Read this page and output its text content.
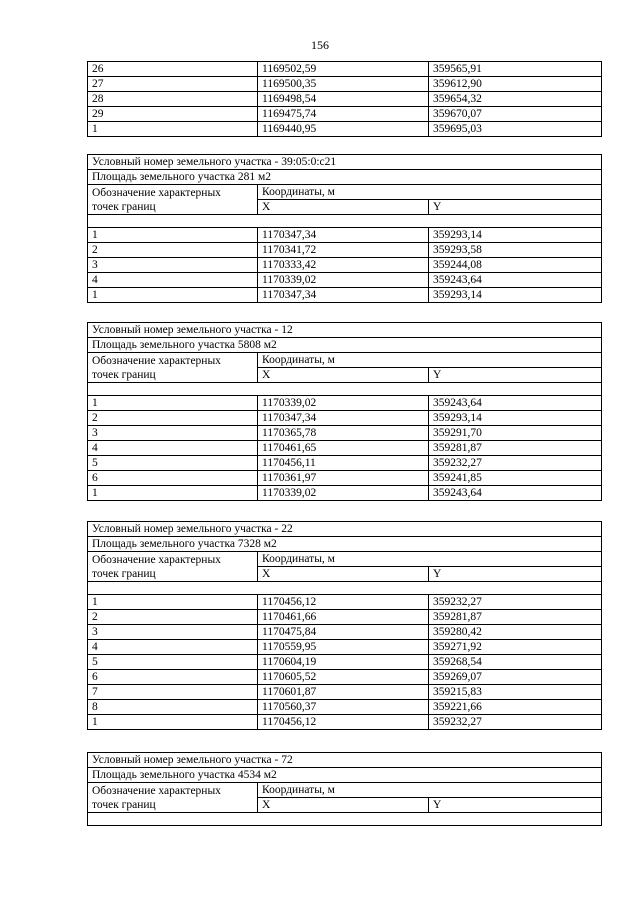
156
26	1169502,59	359565,91
27	1169500,35	359612,90
28	1169498,54	359654,32
29	1169475,74	359670,07
1	1169440,95	359695,03
Условный номер земельного участка - 39:05:0:c21		
Площадь земельного участка 281 м2		
Обозначение характерных	Координаты, м	
точек границ	X	Y

1	1170347,34	359293,14
2	1170341,72	359293,58
3	1170333,42	359244,08
4	1170339,02	359243,64
1	1170347,34	359293,14
Условный номер земельного участка - 12		
Площадь земельного участка 5808 м2		
Обозначение характерных	Координаты, м	
точек границ	X	Y

1	1170339,02	359243,64
2	1170347,34	359293,14
3	1170365,78	359291,70
4	1170461,65	359281,87
5	1170456,11	359232,27
6	1170361,97	359241,85
1	1170339,02	359243,64
Условный номер земельного участка - 22		
Площадь земельного участка 7328 м2		
Обозначение характерных	Координаты, м	
точек границ	X	Y

1	1170456,12	359232,27
2	1170461,66	359281,87
3	1170475,84	359280,42
4	1170559,95	359271,92
5	1170604,19	359268,54
6	1170605,52	359269,07
7	1170601,87	359215,83
8	1170560,37	359221,66
1	1170456,12	359232,27
Условный номер земельного участка - 72		
Площадь земельного участка 4534 м2		
Обозначение характерных	Координаты, м	
точек границ	X	Y
